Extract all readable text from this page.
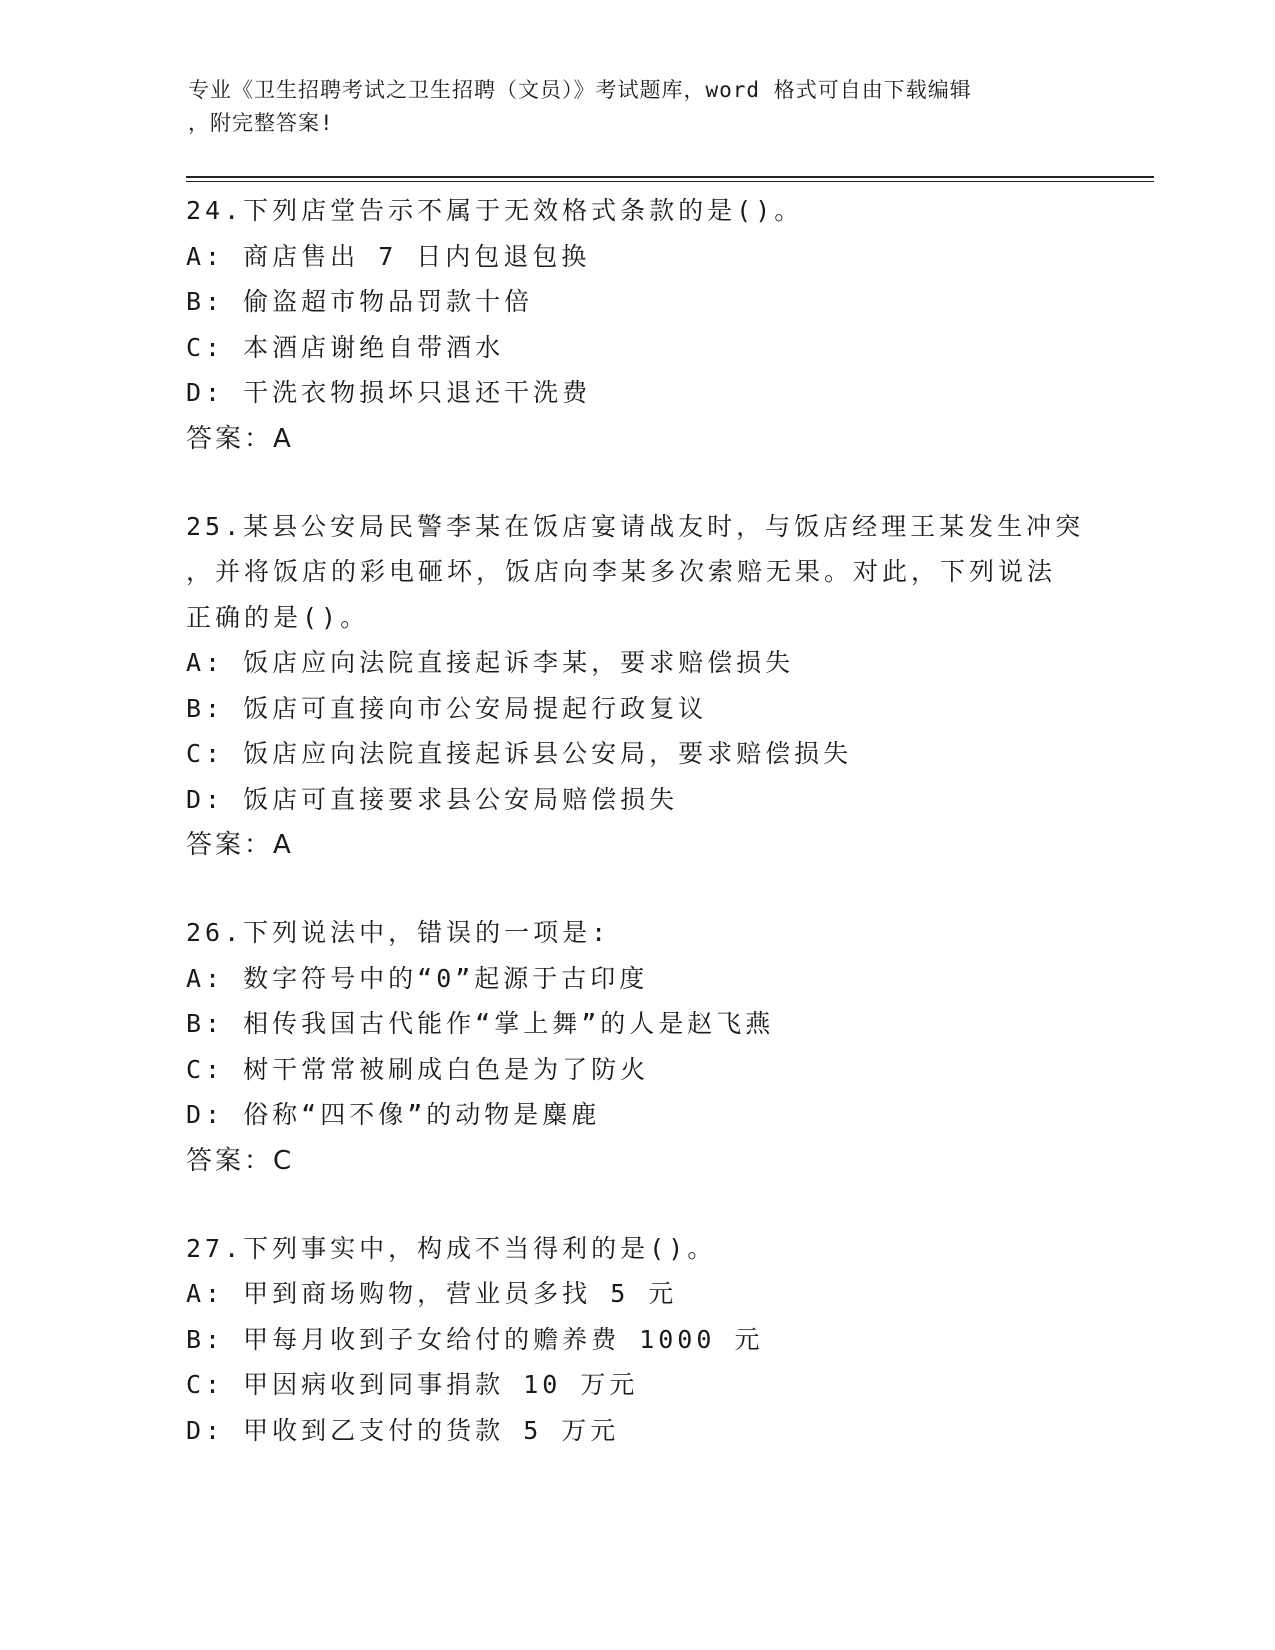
专业《卫生招聘考试之卫生招聘（文员）》考试题库，word 格式可自由下载编辑
，附完整答案!

24.下列店堂告示不属于无效格式条款的是()。

A: 商店售出 7 日内包退包换

B: 偷盗超市物品罚款十倍

C: 本酒店谢绝自带酒水

D: 干洗衣物损坏只退还干洗费

答案：A

25.某县公安局民警李某在饭店宴请战友时，与饭店经理王某发生冲突

，并将饭店的彩电砸坏，饭店向李某多次索赔无果。对此，下列说法

正确的是()。

A: 饭店应向法院直接起诉李某，要求赔偿损失

B: 饭店可直接向市公安局提起行政复议

C: 饭店应向法院直接起诉县公安局，要求赔偿损失

D: 饭店可直接要求县公安局赔偿损失

答案：A

26.下列说法中，错误的一项是:

A: 数字符号中的“0”起源于古印度

B: 相传我国古代能作“掌上舞”的人是赵飞燕

C: 树干常常被刷成白色是为了防火

D: 俗称“四不像”的动物是麋鹿

答案：C

27.下列事实中，构成不当得利的是()。

A: 甲到商场购物，营业员多找 5 元

B: 甲每月收到子女给付的赡养费 1000 元

C: 甲因病收到同事捐款 10 万元

D: 甲收到乙支付的货款 5 万元
